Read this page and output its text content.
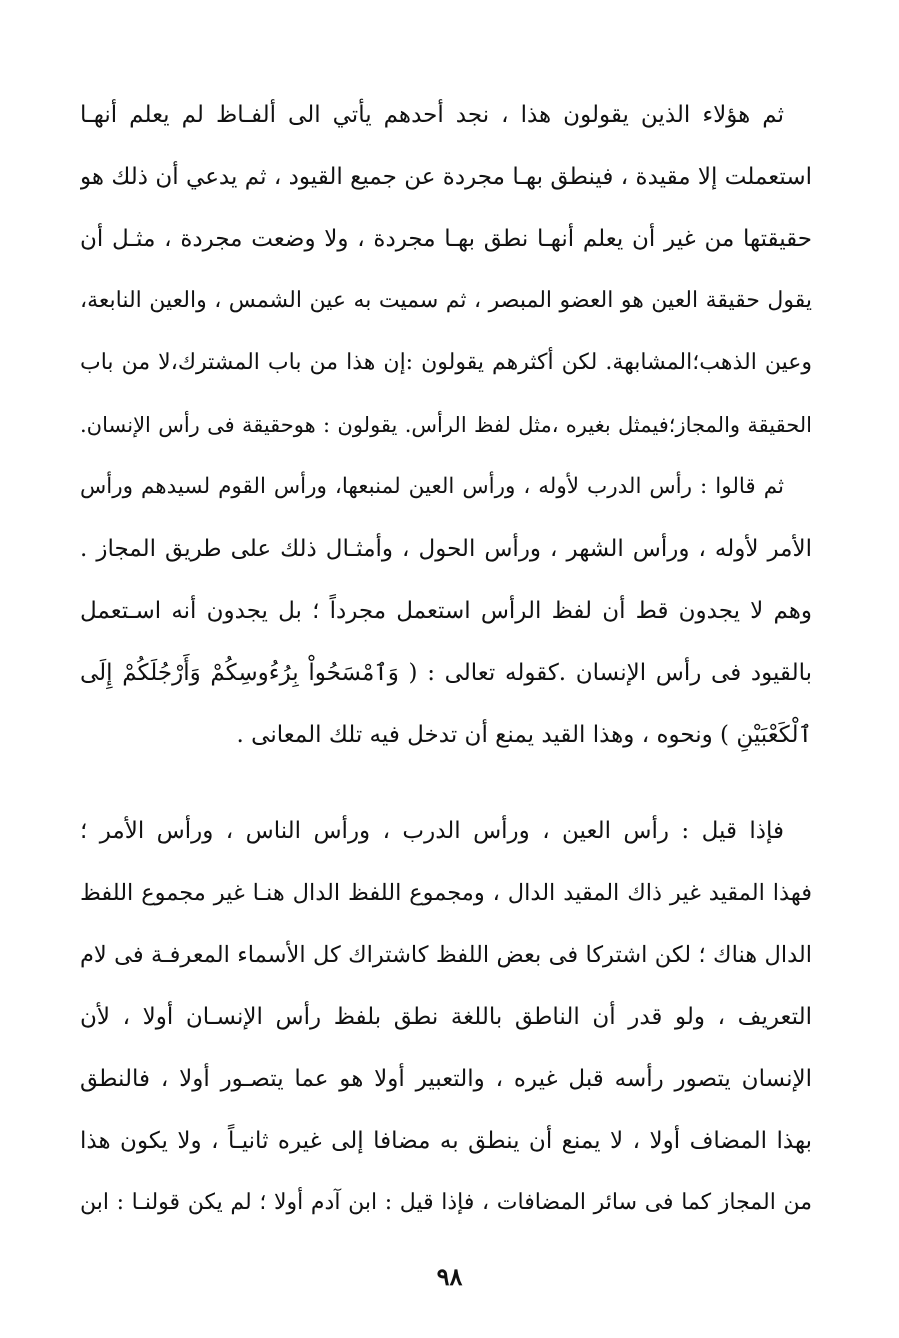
ثم هؤلاء الذين يقولون هذا ، نجد أحدهم يأتي الى ألفـاظ لم يعلم أنهـا
استعملت إلا مقيدة ، فينطق بهـا مجردة عن جميع القيود ، ثم يدعي أن ذلك هو
حقيقتها من غير أن يعلم أنهـا نطق بهـا مجردة ، ولا وضعت مجردة ، مثـل أن
يقول حقيقة العين هو العضو المبصر ، ثم سميت به عين الشمس ، والعين النابعة،
وعين الذهب؛المشابهة. لكن أكثرهم يقولون :إن هذا من باب المشترك،لا من باب
الحقيقة والمجاز؛فيمثل بغيره ،مثل لفظ الرأس. يقولون : هوحقيقة فى رأس الإنسان.
ثم قالوا : رأس الدرب لأوله ، ورأس العين لمنبعها، ورأس القوم لسيدهم ورأس
الأمر لأوله ، ورأس الشهر ، ورأس الحول ، وأمثـال ذلك على طريق المجاز .
وهم لا يجدون قط أن لفظ الرأس استعمل مجرداً ؛ بل يجدون أنه اسـتعمل
بالقيود فى رأس الإنسان .كقوله تعالى : ( وَٱمْسَحُواْ بِرُءُوسِكُمْ وَأَرْجُلَكُمْ إِلَى
ٱلْكَعْبَيْنِ ) ونحوه ، وهذا القيد يمنع أن تدخل فيه تلك المعانى .
فإذا قيل : رأس العين ، ورأس الدرب ، ورأس الناس ، ورأس الأمر ؛
فهذا المقيد غير ذاك المقيد الدال ، ومجموع اللفظ الدال هنـا غير مجموع اللفظ
الدال هناك ؛ لكن اشتركا فى بعض اللفظ كاشتراك كل الأسماء المعرفـة فى لام
التعريف ، ولو قدر أن الناطق باللغة نطق بلفظ رأس الإنسـان أولا ، لأن
الإنسان يتصور رأسه قبل غيره ، والتعبير أولا هو عما يتصـور أولا ، فالنطق
بهذا المضاف أولا ، لا يمنع أن ينطق به مضافا إلى غيره ثانيـاً ، ولا يكون هذا
من المجاز كما فى سائر المضافات ، فإذا قيل : ابن آدم أولا ؛ لم يكن قولنـا : ابن
٩٨
